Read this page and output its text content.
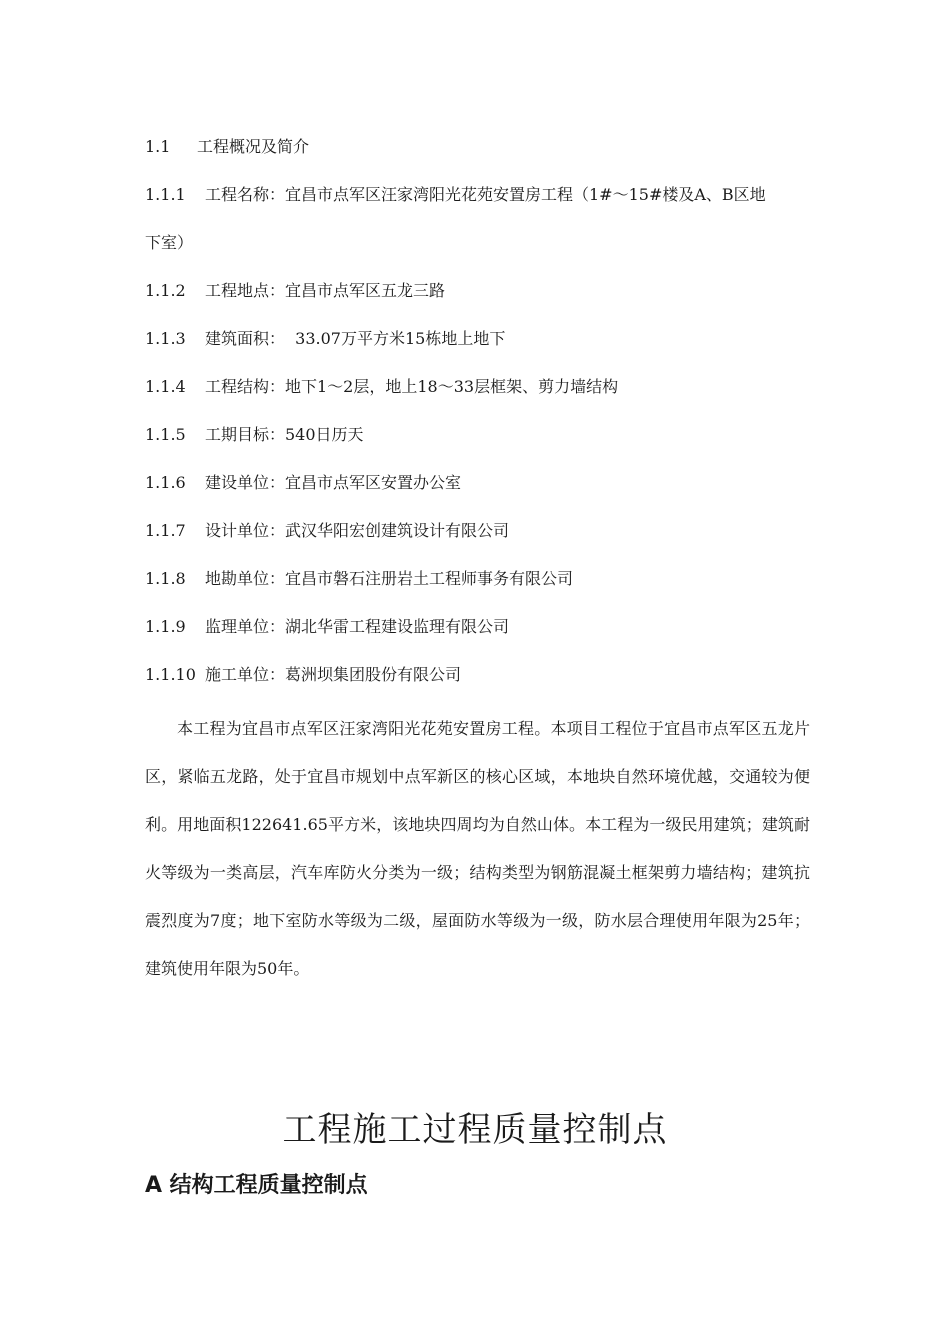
1.1 工程概况及简介
1.1.1 工程名称：宜昌市点军区汪家湾阳光花苑安置房工程（1#～15#楼及A、B区地
下室）
1.1.2 工程地点：宜昌市点军区五龙三路
1.1.3 建筑面积：  33.07万平方米15栋地上地下
1.1.4 工程结构：地下1～2层，地上18～33层框架、剪力墙结构
1.1.5 工期目标：540日历天
1.1.6 建设单位：宜昌市点军区安置办公室
1.1.7 设计单位：武汉华阳宏创建筑设计有限公司
1.1.8 地勘单位：宜昌市磐石注册岩土工程师事务有限公司
1.1.9 监理单位：湖北华雷工程建设监理有限公司
1.1.10 施工单位：葛洲坝集团股份有限公司

本工程为宜昌市点军区汪家湾阳光花苑安置房工程。本项目工程位于宜昌市点军区五龙片区，紧临五龙路，处于宜昌市规划中点军新区的核心区域，本地块自然环境优越，交通较为便利。用地面积122641.65平方米，该地块四周均为自然山体。本工程为一级民用建筑；建筑耐火等级为一类高层，汽车库防火分类为一级；结构类型为钢筋混凝土框架剪力墙结构；建筑抗震烈度为7度；地下室防水等级为二级，屋面防水等级为一级，防水层合理使用年限为25年；建筑使用年限为50年。

工程施工过程质量控制点
A 结构工程质量控制点
